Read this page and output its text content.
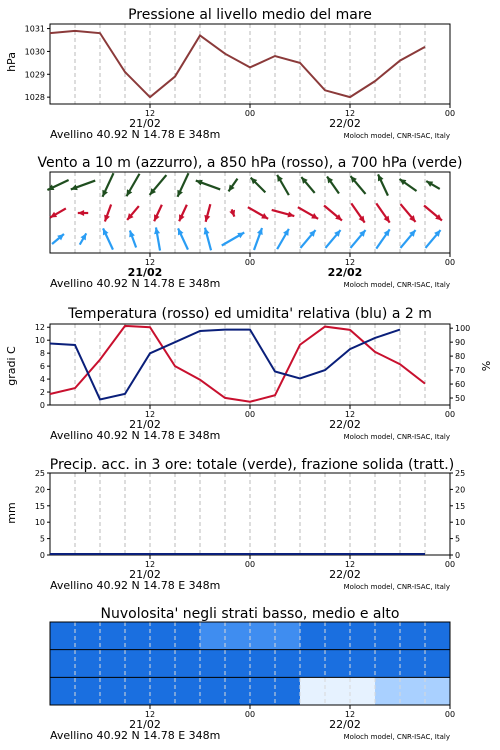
Pressione al livello medio del mare
hPa
1028
1029
1030
1031
12	00	12	00
21/02	22/02
Avellino 40.92 N 14.78 E 348m	Moloch model, CNR-ISAC, Italy
Vento a 10 m (azzurro), a 850 hPa (rosso), a 700 hPa (verde)
12	00	12	00
21/02	22/02
Avellino 40.92 N 14.78 E 348m	Moloch model, CNR-ISAC, Italy
Temperatura (rosso) ed umidita' relativa (blu) a 2 m
gradi C	%
0
2
4
6
8
10
12
50
60
70
80
90
100
12	00	12	00
21/02	22/02
Avellino 40.92 N 14.78 E 348m	Moloch model, CNR-ISAC, Italy
Precip. acc. in 3 ore: totale (verde), frazione solida (tratt.)
mm
0
5
10
15
20
25
0
5
10
15
20
25
12	00	12	00
21/02	22/02
Avellino 40.92 N 14.78 E 348m	Moloch model, CNR-ISAC, Italy
Nuvolosita' negli strati basso, medio e alto
12	00	12	00
21/02	22/02
Avellino 40.92 N 14.78 E 348m	Moloch model, CNR-ISAC, Italy
